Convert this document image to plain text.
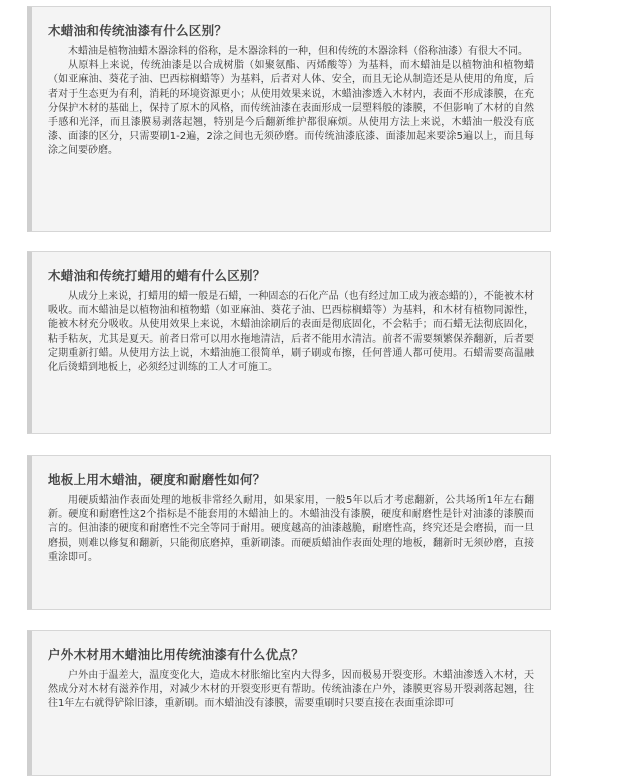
木蜡油和传统油漆有什么区别？

木蜡油是植物油蜡木器涂料的俗称，是木器涂料的一种，但和传统的木器涂料（俗称油漆）有很大不同。

从原料上来说，传统油漆是以合成树脂（如聚氨酯、丙烯酸等）为基料，而木蜡油是以植物油和植物蜡（如亚麻油、葵花子油、巴西棕榈蜡等）为基料，后者对人体、安全，而且无论从制造还是从使用的角度，后者对于生态更为有利，消耗的环境资源更小；从使用效果来说，木蜡油渗透入木材内，表面不形成漆膜，在充分保护木材的基础上，保持了原木的风格，而传统油漆在表面形成一层塑料般的漆膜，不但影响了木材的自然手感和光泽，而且漆膜易剥落起翘，特别是今后翻新维护都很麻烦。从使用方法上来说，木蜡油一般没有底漆、面漆的区分，只需要刷1-2遍，2涂之间也无须砂磨。而传统油漆底漆、面漆加起来要涂5遍以上，而且每涂之间要砂磨。

木蜡油和传统打蜡用的蜡有什么区别？

从成分上来说，打蜡用的蜡一般是石蜡，一种固态的石化产品（也有经过加工成为液态蜡的），不能被木材吸收。而木蜡油是以植物油和植物蜡（如亚麻油、葵花子油、巴西棕榈蜡等）为基料，和木材有植物同源性，能被木材充分吸收。从使用效果上来说，木蜡油涂刷后的表面是彻底固化，不会粘手；而石蜡无法彻底固化，粘手粘灰，尤其是夏天。前者日常可以用水拖地清洁，后者不能用水清洁。前者不需要频繁保养翻新，后者要定期重新打蜡。从使用方法上说，木蜡油施工很简单，刷子刷或布擦，任何普通人都可使用。石蜡需要高温融化后烫蜡到地板上，必须经过训练的工人才可施工。

地板上用木蜡油，硬度和耐磨性如何？

用硬质蜡油作表面处理的地板非常经久耐用，如果家用，一般5年以后才考虑翻新，公共场所1年左右翻新。硬度和耐磨性这2个指标是不能套用的木蜡油上的。木蜡油没有漆膜，硬度和耐磨性是针对油漆的漆膜而言的。但油漆的硬度和耐磨性不完全等同于耐用。硬度越高的油漆越脆，耐磨性高，终究还是会磨损，而一旦磨损，则难以修复和翻新，只能彻底磨掉，重新刷漆。而硬质蜡油作表面处理的地板，翻新时无须砂磨，直接重涂即可。

户外木材用木蜡油比用传统油漆有什么优点？

户外由于温差大，温度变化大，造成木材胀缩比室内大得多，因而极易开裂变形。木蜡油渗透入木材，天然成分对木材有滋养作用，对减少木材的开裂变形更有帮助。传统油漆在户外，漆膜更容易开裂剥落起翘，往往1年左右就得铲除旧漆，重新刷。而木蜡油没有漆膜，需要重刷时只要直接在表面重涂即可
